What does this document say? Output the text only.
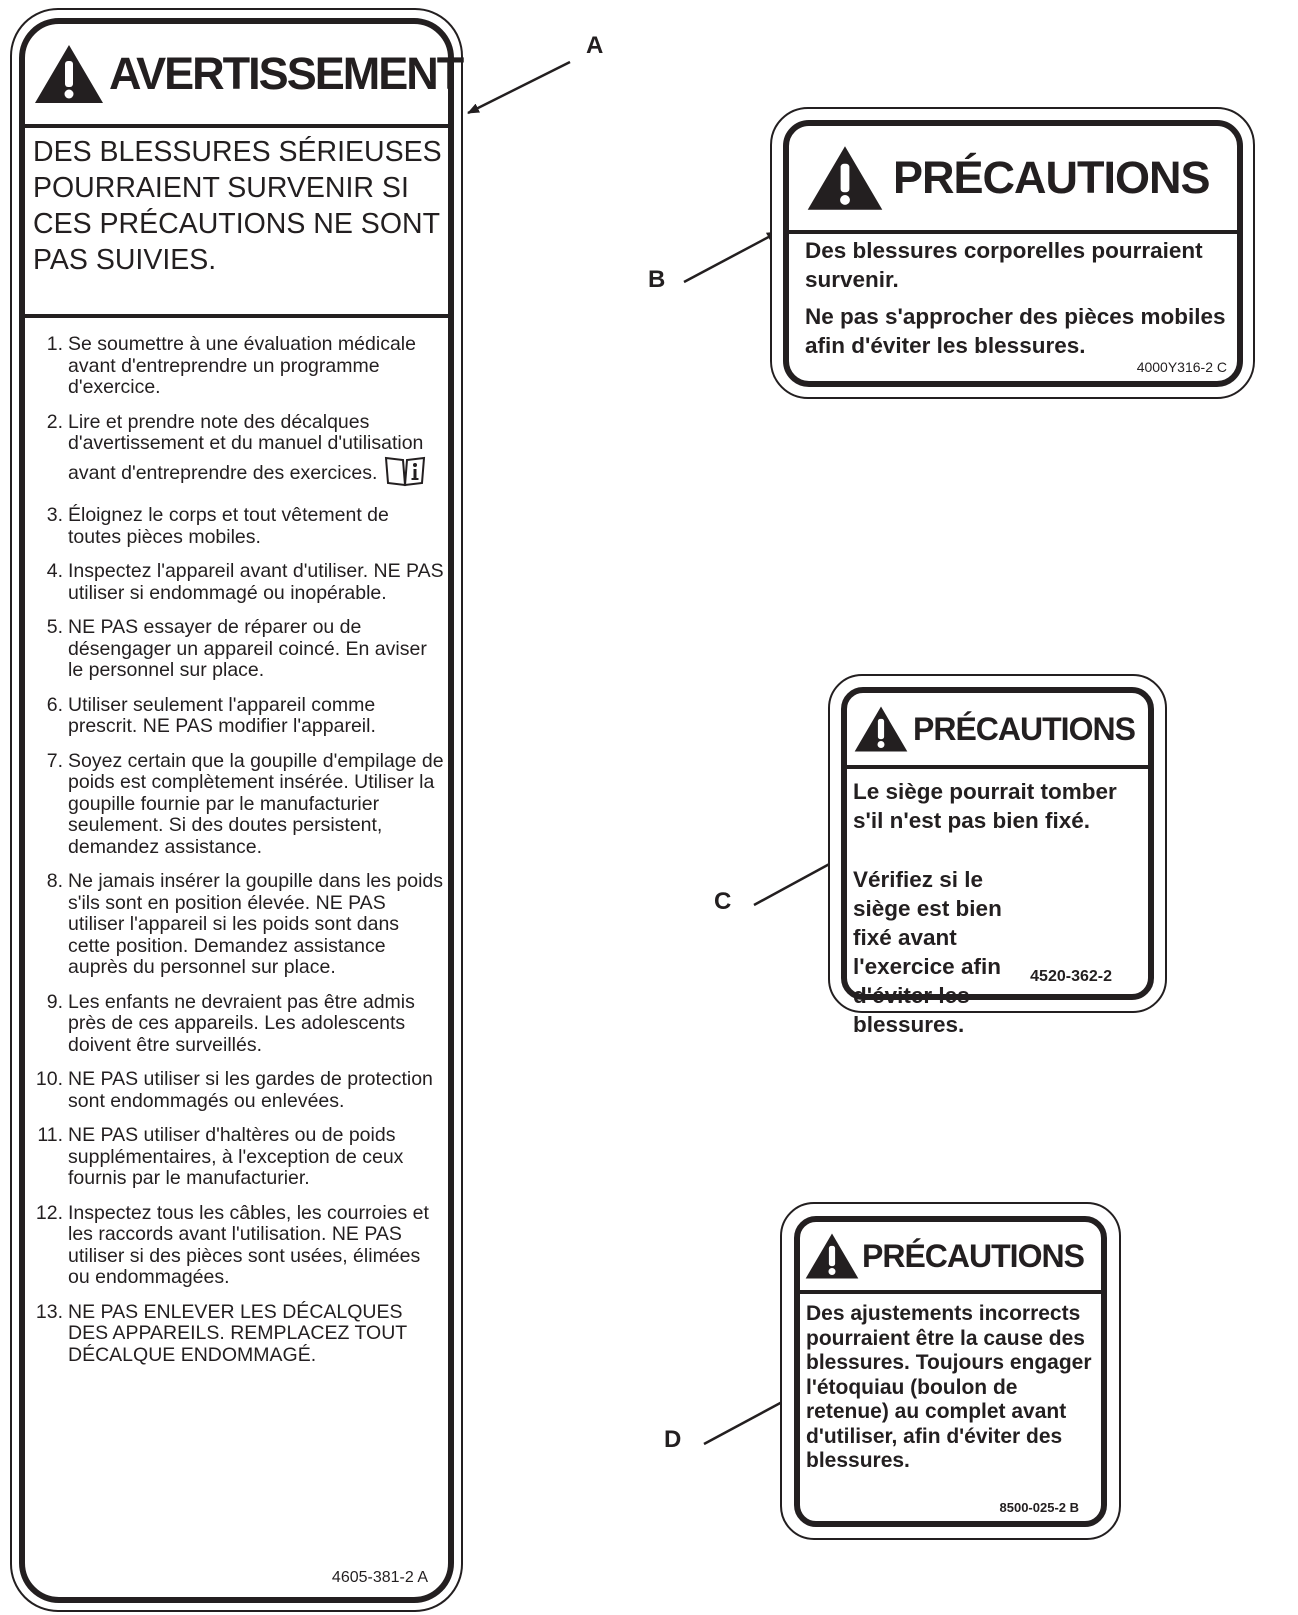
A
B
C
D
AVERTISSEMENT
DES BLESSURES SÉRIEUSES POURRAIENT SURVENIR SI CES PRÉCAUTIONS NE SONT PAS SUIVIES.
1. Se soumettre à une évaluation médicale avant d'entreprendre un programme d'exercice.
2. Lire et prendre note des décalques d'avertissement et du manuel d'utilisation avant d'entreprendre des exercices.
3. Éloignez le corps et tout vêtement de toutes pièces mobiles.
4. Inspectez l'appareil avant d'utiliser. NE PAS utiliser si endommagé ou inopérable.
5. NE PAS essayer de réparer ou de désengager un appareil coincé. En aviser le personnel sur place.
6. Utiliser seulement l'appareil comme prescrit. NE PAS modifier l'appareil.
7. Soyez certain que la goupille d'empilage de poids est complètement insérée. Utiliser la goupille fournie par le manufacturier seulement. Si des doutes persistent, demandez assistance.
8. Ne jamais insérer la goupille dans les poids s'ils sont en position élevée. NE PAS utiliser l'appareil si les poids sont dans cette position. Demandez assistance auprès du personnel sur place.
9. Les enfants ne devraient pas être admis près de ces appareils. Les adolescents doivent être surveillés.
10. NE PAS utiliser si les gardes de protection sont endommagés ou enlevées.
11. NE PAS utiliser d'haltères ou de poids supplémentaires, à l'exception de ceux fournis par le manufacturier.
12. Inspectez tous les câbles, les courroies et les raccords avant l'utilisation. NE PAS utiliser si des pièces sont usées, élimées ou endommagées.
13. NE PAS ENLEVER LES DÉCALQUES DES APPAREILS. REMPLACEZ TOUT DÉCALQUE ENDOMMAGÉ.
4605-381-2 A
PRÉCAUTIONS

Des blessures corporelles pourraient survenir.

Ne pas s'approcher des pièces mobiles afin d'éviter les blessures.

4000Y316-2 C
PRÉCAUTIONS

Le siège pourrait tomber s'il n'est pas bien fixé.

Vérifiez si le siège est bien fixé avant l'exercice afin d'éviter les blessures.

4520-362-2
PRÉCAUTIONS
Des ajustements incorrects pourraient être la cause des blessures. Toujours engager l'étoquiau (boulon de retenue) au complet avant d'utiliser, afin d'éviter des blessures.
8500-025-2 B
